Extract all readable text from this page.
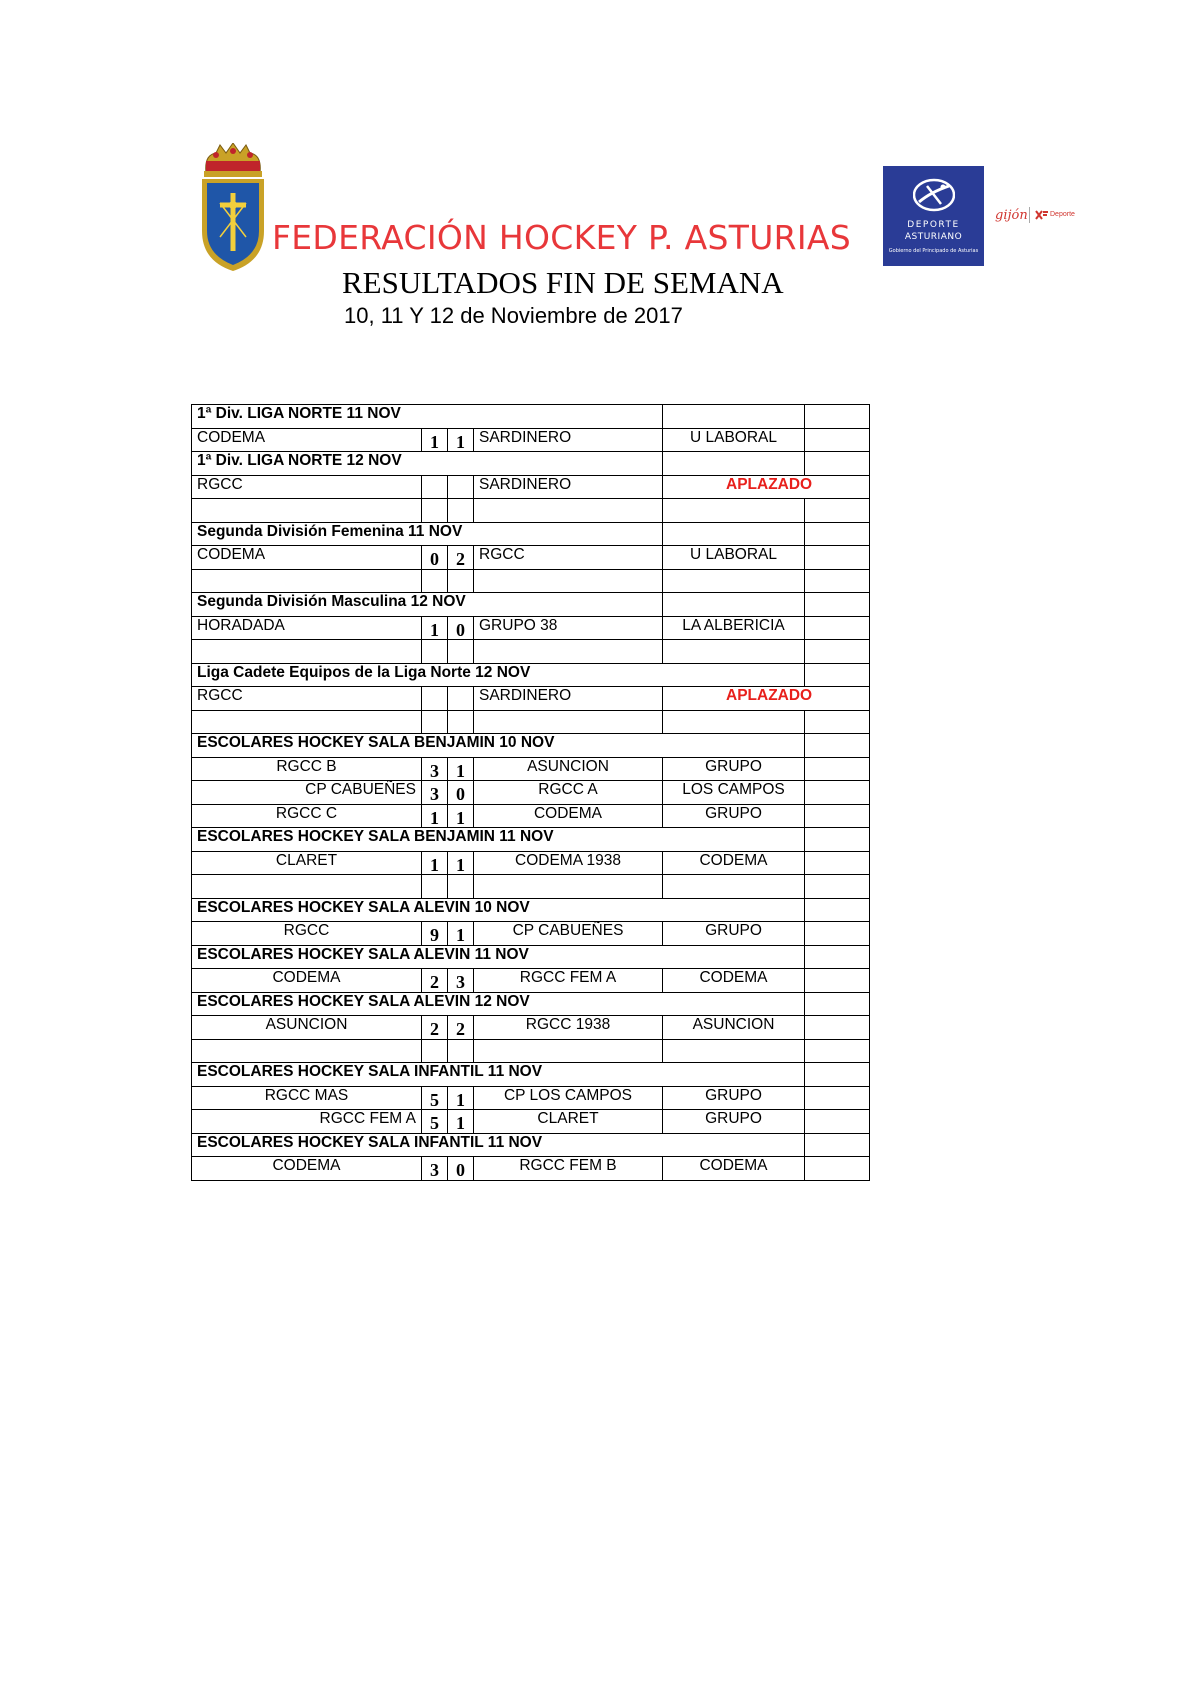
FEDERACIÓN HOCKEY P. ASTURIAS
RESULTADOS FIN DE SEMANA
10, 11 Y 12 de Noviembre de 2017
DEPORTE
ASTURIANO
Gobierno del Principado de Asturias
gijón	Deporte
1ª Div. LIGA NORTE 11 NOV					
CODEMA	1	1	SARDINERO	U LABORAL	
1ª Div. LIGA NORTE 12 NOV					
RGCC			SARDINERO	APLAZADO	

Segunda División Femenina 11 NOV					
CODEMA	0	2	RGCC	U LABORAL	

Segunda División Masculina 12 NOV					
HORADADA	1	0	GRUPO 38	LA ALBERICIA	

Liga Cadete Equipos de la Liga Norte 12 NOV					
RGCC			SARDINERO	APLAZADO	

ESCOLARES HOCKEY SALA BENJAMIN 10 NOV					
RGCC B	3	1	ASUNCION	GRUPO	
CP CABUEÑES	3	0	RGCC A	LOS CAMPOS	
RGCC C	1	1	CODEMA	GRUPO	
ESCOLARES HOCKEY SALA BENJAMIN 11 NOV					
CLARET	1	1	CODEMA 1938	CODEMA	

ESCOLARES HOCKEY SALA ALEVIN 10 NOV					
RGCC	9	1	CP CABUEÑES	GRUPO	
ESCOLARES HOCKEY SALA ALEVIN 11 NOV					
CODEMA	2	3	RGCC FEM A	CODEMA	
ESCOLARES HOCKEY SALA ALEVIN 12 NOV					
ASUNCION	2	2	RGCC 1938	ASUNCION	

ESCOLARES HOCKEY SALA INFANTIL 11 NOV					
RGCC MAS	5	1	CP LOS CAMPOS	GRUPO	
RGCC FEM A	5	1	CLARET	GRUPO	
ESCOLARES HOCKEY SALA INFANTIL 11 NOV					
CODEMA	3	0	RGCC FEM B	CODEMA	
